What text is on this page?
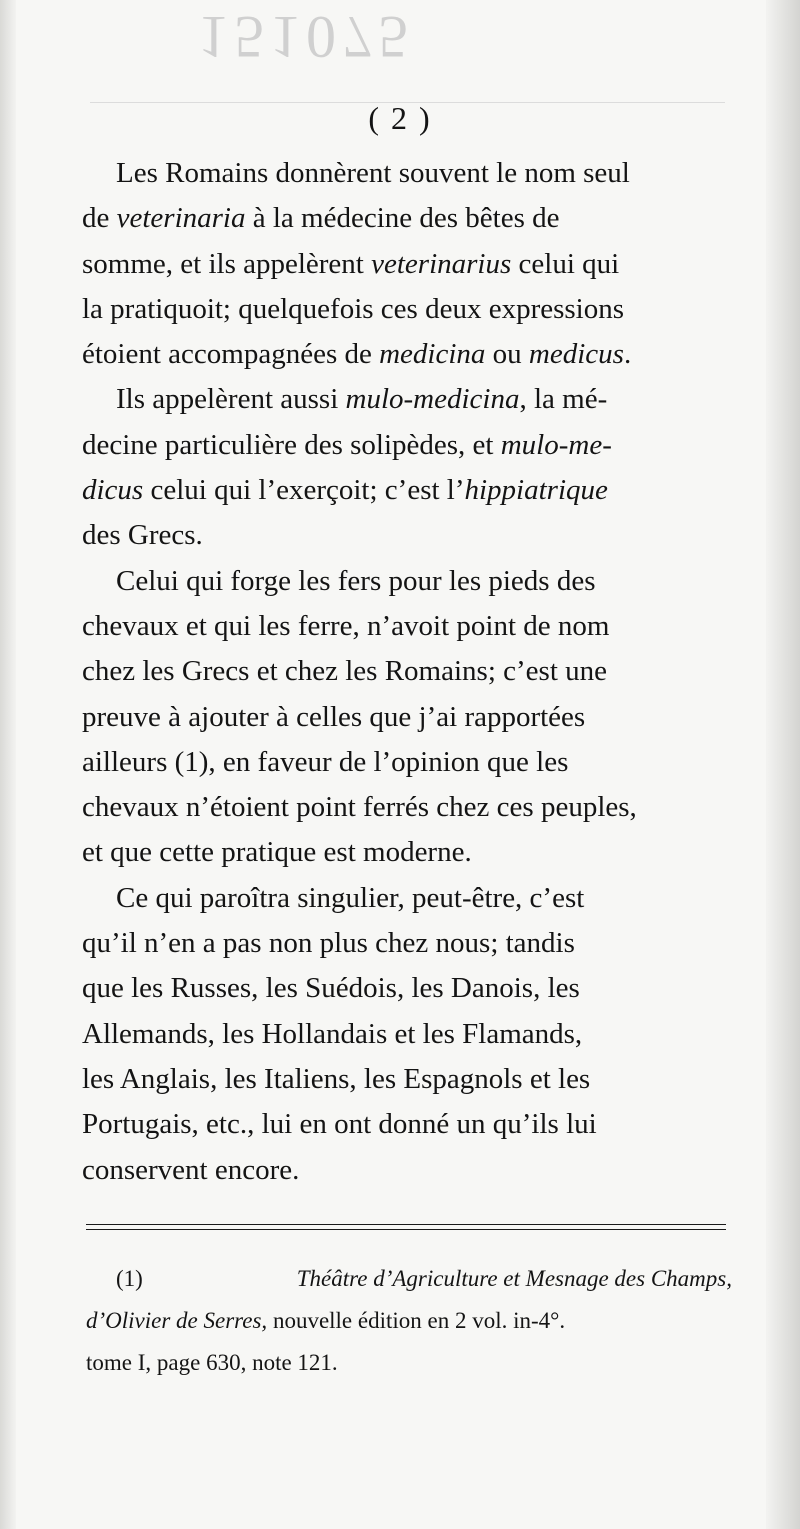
151075
( 2 )
Les Romains donnèrent souvent le nom seul
de veterinaria à la médecine des bêtes de
somme, et ils appelèrent veterinarius celui qui
la pratiquoit; quelquefois ces deux expressions
étoient accompagnées de medicina ou medicus.
Ils appelèrent aussi mulo-medicina, la mé-
decine particulière des solipèdes, et mulo-me-
dicus celui qui l’exerçoit; c’est l’hippiatrique
des Grecs.
Celui qui forge les fers pour les pieds des
chevaux et qui les ferre, n’avoit point de nom
chez les Grecs et chez les Romains; c’est une
preuve à ajouter à celles que j’ai rapportées
ailleurs (1), en faveur de l’opinion que les
chevaux n’étoient point ferrés chez ces peuples,
et que cette pratique est moderne.
Ce qui paroîtra singulier, peut-être, c’est
qu’il n’en a pas non plus chez nous; tandis
que les Russes, les Suédois, les Danois, les
Allemands, les Hollandais et les Flamands,
les Anglais, les Italiens, les Espagnols et les
Portugais, etc., lui en ont donné un qu’ils lui
conservent encore.
(1)	Théâtre d’Agriculture et Mesnage des Champs,
d’Olivier de Serres, nouvelle édition en 2 vol. in-4°.
tome I, page 630, note 121.
